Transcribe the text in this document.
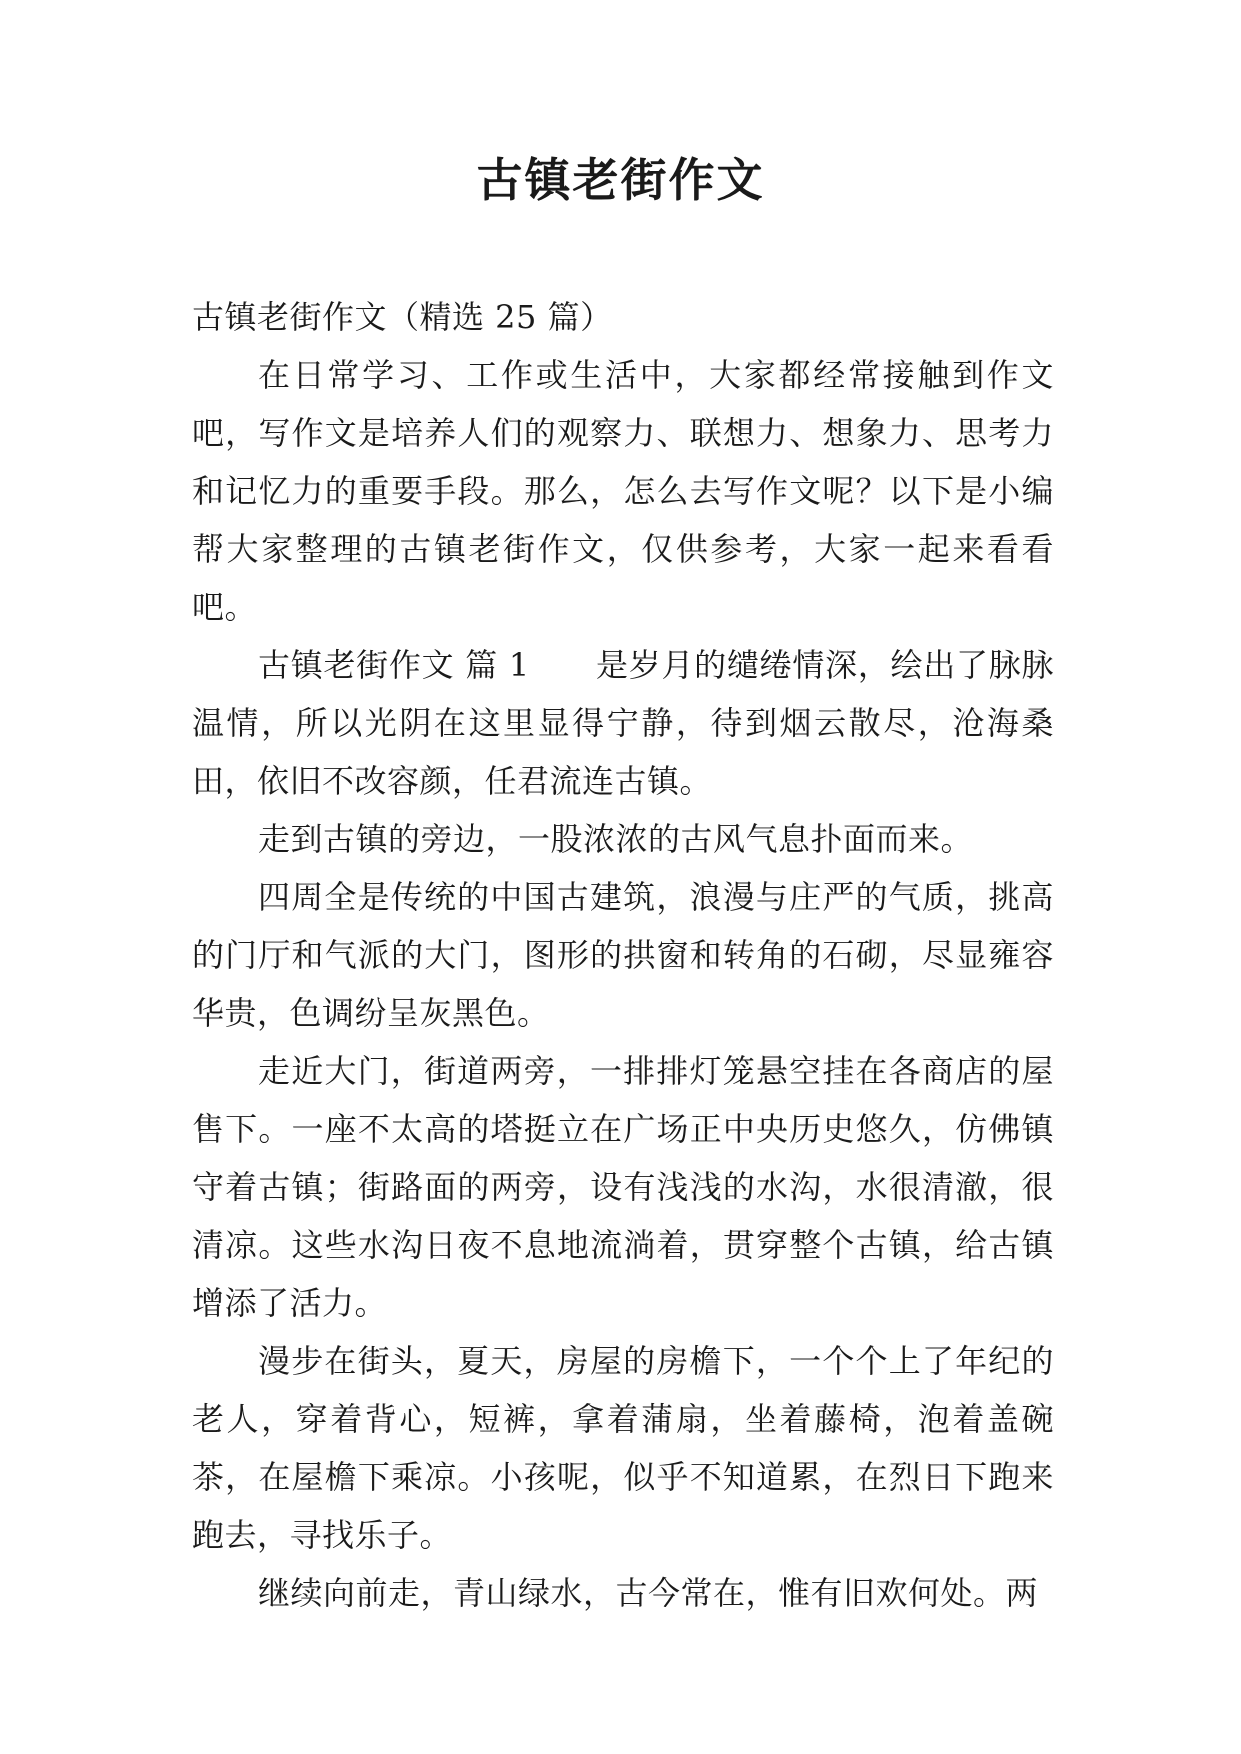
古镇老街作文

古镇老街作文（精选 25 篇）

在日常学习、工作或生活中，大家都经常接触到作文吧，写作文是培养人们的观察力、联想力、想象力、思考力和记忆力的重要手段。那么，怎么去写作文呢？以下是小编帮大家整理的古镇老街作文，仅供参考，大家一起来看看吧。

古镇老街作文 篇 1 是岁月的缱绻情深，绘出了脉脉温情，所以光阴在这里显得宁静，待到烟云散尽，沧海桑田，依旧不改容颜，任君流连古镇。

走到古镇的旁边，一股浓浓的古风气息扑面而来。

四周全是传统的中国古建筑，浪漫与庄严的气质，挑高的门厅和气派的大门，图形的拱窗和转角的石砌，尽显雍容华贵，色调纷呈灰黑色。

走近大门，街道两旁，一排排灯笼悬空挂在各商店的屋售下。一座不太高的塔挺立在广场正中央历史悠久，仿佛镇守着古镇；街路面的两旁，设有浅浅的水沟，水很清澈，很清凉。这些水沟日夜不息地流淌着，贯穿整个古镇，给古镇增添了活力。

漫步在街头，夏天，房屋的房檐下，一个个上了年纪的老人，穿着背心，短裤，拿着蒲扇，坐着藤椅，泡着盖碗茶，在屋檐下乘凉。小孩呢，似乎不知道累，在烈日下跑来跑去，寻找乐子。

继续向前走，青山绿水，古今常在，惟有旧欢何处。两
